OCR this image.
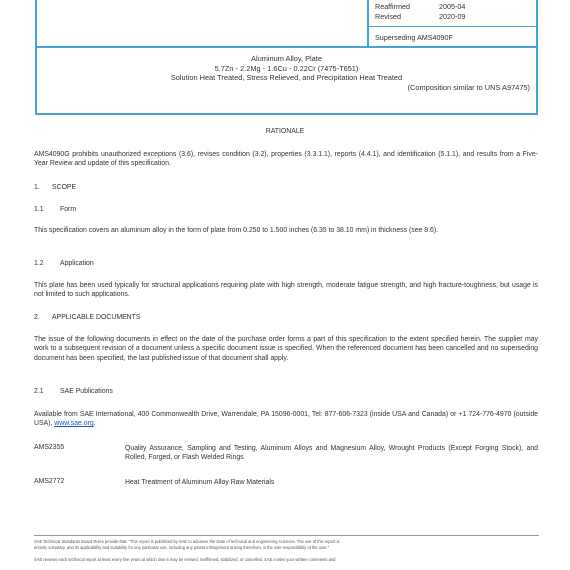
Reaffirmed	2005-04
Revised	2020-09
Superseding AMS4090F
Aluminum Alloy, Plate
5.7Zn - 2.2Mg - 1.6Cu - 0.22Cr (7475-T651)
Solution Heat Treated, Stress Relieved, and Precipitation Heat Treated
(Composition similar to UNS A97475)
RATIONALE
AMS4090G prohibits unauthorized exceptions (3.6), revises condition (3.2), properties (3.3.1.1), reports (4.4.1), and identification (5.1.1), and results from a Five-Year Review and update of this specification.
1. SCOPE
1.1 Form
This specification covers an aluminum alloy in the form of plate from 0.250 to 1.500 inches (6.35 to 38.10 mm) in thickness (see 8.6).
1.2 Application
This plate has been used typically for structural applications requiring plate with high strength, moderate fatigue strength, and high fracture-toughness, but usage is not limited to such applications.
2. APPLICABLE DOCUMENTS
The issue of the following documents in effect on the date of the purchase order forms a part of this specification to the extent specified herein. The supplier may work to a subsequent revision of a document unless a specific document issue is specified. When the referenced document has been cancelled and no superseding document has been specified, the last published issue of that document shall apply.
2.1 SAE Publications
Available from SAE International, 400 Commonwealth Drive, Warrendale, PA 15096-0001, Tel: 877-606-7323 (inside USA and Canada) or +1 724-776-4970 (outside USA), www.sae.org.
AMS2355	Quality Assurance, Sampling and Testing, Aluminum Alloys and Magnesium Alloy, Wrought Products (Except Forging Stock), and Rolled, Forged, or Flash Welded Rings
AMS2772	Heat Treatment of Aluminum Alloy Raw Materials
SAE Technical Standards Board Rules provide that: "This report is published by SAE to advance the state of technical and engineering sciences. The use of this report is
entirely voluntary, and its applicability and suitability for any particular use, including any patent infringement arising therefrom, is the sole responsibility of the user."
SAE reviews each technical report at least every five years at which time it may be revised, reaffirmed, stabilized, or cancelled. SAE invites your written comments and
